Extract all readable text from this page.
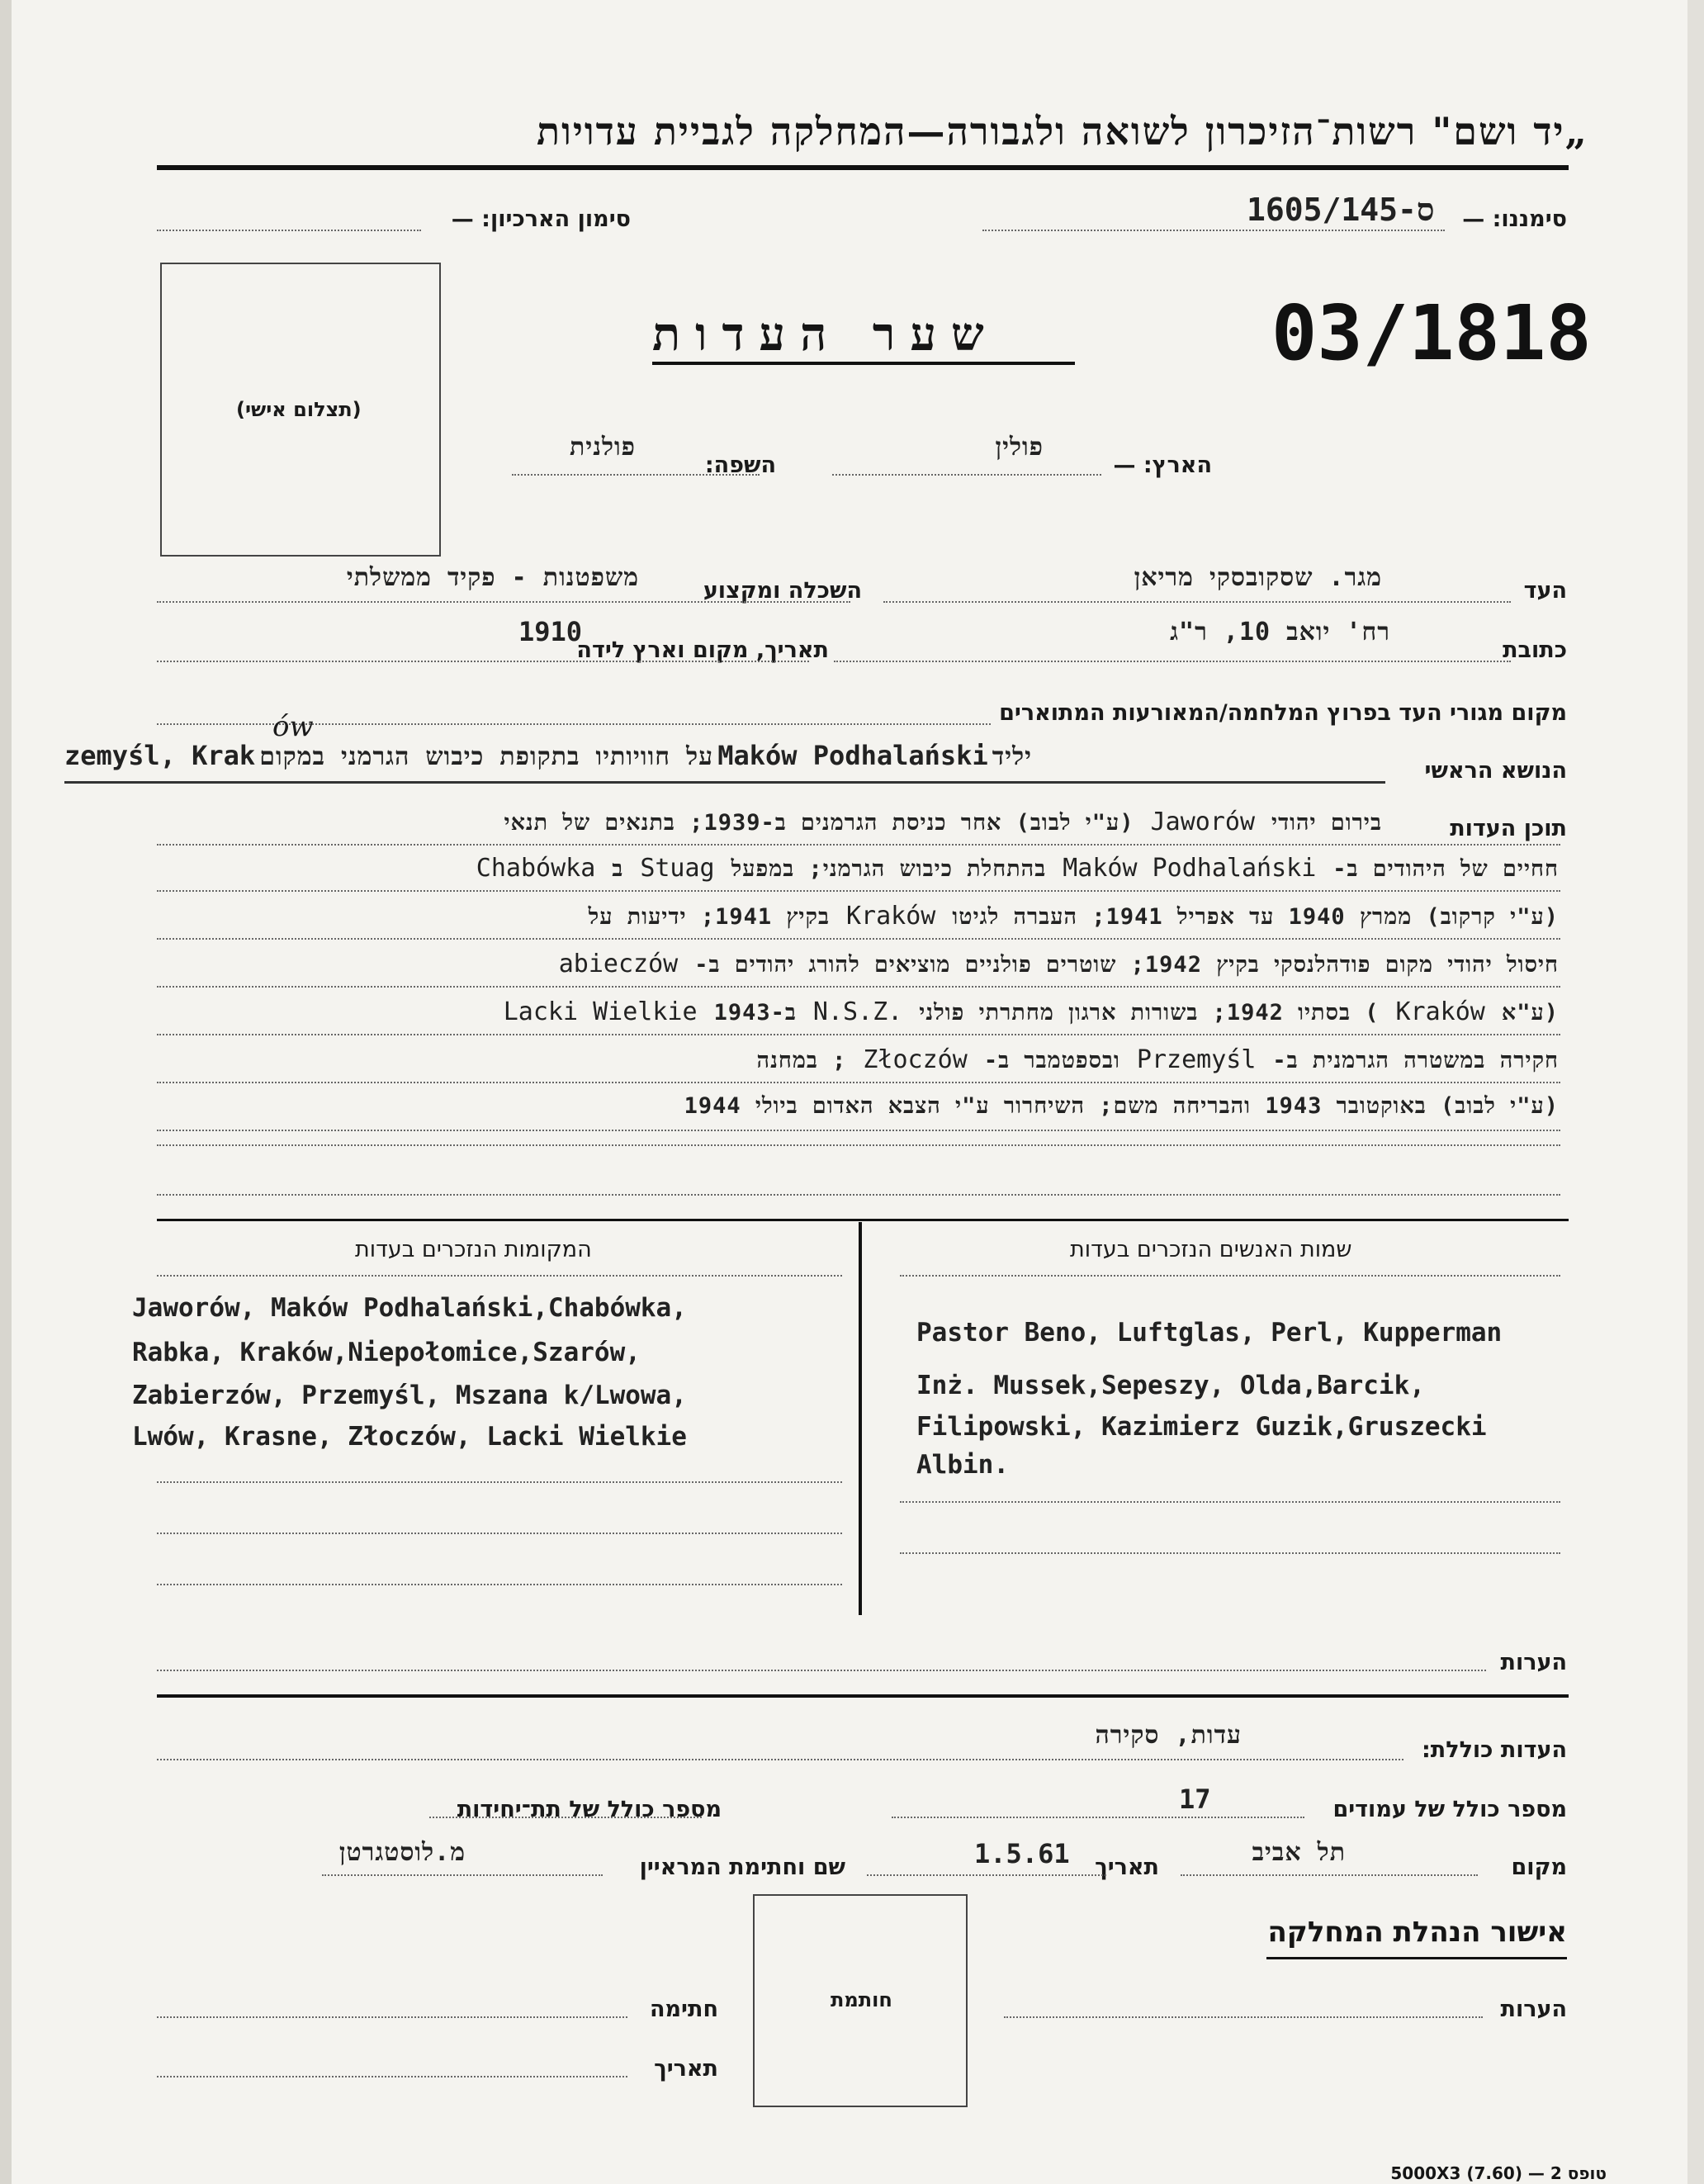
„יד ושם" רשות־הזיכרון לשואה ולגבורה—המחלקה לגביית עדויות
סימננו: —
ס-1605/145
סימון הארכיון: —
(תצלום אישי)
שער העדות	03/1818
הארץ: —
פולין
השפה:
פולנית
העד
מגר. שסקובסקי מריאן
השכלה ומקצוע
משפטנות - פקיד ממשלתי
כתובת
רח' יואב 10, ר"ג
תאריך, מקום וארץ לידה
1910
מקום מגורי העד בפרוץ המלחמה/המאורעות המתוארים
הנושא הראשי
zemyśl, Krak על חוויותיו בתקופת כיבוש הגרמני במקום Maków Podhalański יליד
ów
תוכן העדות
בירום יהודיJaworów(ע"י לבוב) אחר כניסת הגרמנים ב-1939; בתנאים של תנאי
חחיים של היהודים ב-Maków Podhalańskiבהתחלת כיבוש הגרמני; במפעלStuagבChabówka
(ע"י קרקוב) ממרץ 1940 עד אפריל 1941; העברה לגיטוKrakówבקיץ 1941; ידיעות על
חיסול יהודי מקום פודהלנסקי בקיץ 1942; שוטרים פולניים מוציאים להורג יהודים ב-abieczów
(ע"אKraków) בסתיו 1942; בשורות ארגון מחתרתי פולניN.S.Z.ב-1943Lacki Wielkie
חקירה במשטרה הגרמנית ב-Przemyślובספטמבר ב-Złoczów; במחנה
(ע"י לבוב) באוקטובר 1943 והבריחה משם; השיחרור ע"י הצבא האדום ביולי 1944
המקומות הנזכרים בעדות
Jaworów, Maków Podhalański,Chabówka,
Rabka, Kraków,Niepołomice,Szarów,
Zabierzów, Przemyśl, Mszana k/Lwowa,
Lwów, Krasne, Złoczów, Lacki Wielkie
שמות האנשים הנזכרים בעדות
Pastor Beno, Luftglas, Perl, Kupperman
Inż. Mussek,Sepeszy, Olda,Barcik,
Filipowski, Kazimierz Guzik,Gruszecki
Albin.
הערות
העדות כוללת:
עדות, סקירה
מספר כולל של עמודים
17
מספר כולל של תת־יחידות
מקום
תל אביב
תאריך
1.5.61
שם וחתימת המראיין
מ.לוסטגרטן
חותמת
אישור הנהלת המחלקה
הערות
חתימה
תאריך
טופס 2 — 5000X3 (7.60)
